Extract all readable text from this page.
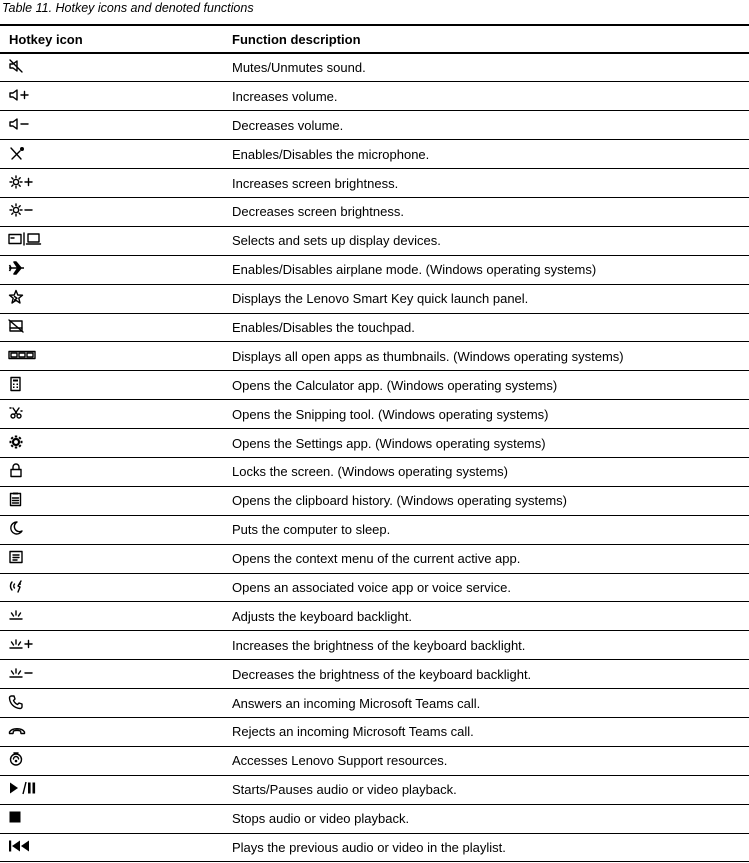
Table 11. Hotkey icons and denoted functions
Hotkey icon	Function description

	Mutes/Unmutes sound.

	Increases volume.

	Decreases volume.

	Enables/Disables the microphone.

	Increases screen brightness.

	Decreases screen brightness.

	Selects and sets up display devices.

	Enables/Disables airplane mode. (Windows operating systems)

	Displays the Lenovo Smart Key quick launch panel.

	Enables/Disables the touchpad.

	Displays all open apps as thumbnails. (Windows operating systems)

	Opens the Calculator app. (Windows operating systems)

	Opens the Snipping tool. (Windows operating systems)

	Opens the Settings app. (Windows operating systems)

	Locks the screen. (Windows operating systems)

	Opens the clipboard history. (Windows operating systems)

	Puts the computer to sleep.

	Opens the context menu of the current active app.

	Opens an associated voice app or voice service.

	Adjusts the keyboard backlight.

	Increases the brightness of the keyboard backlight.

	Decreases the brightness of the keyboard backlight.

	Answers an incoming Microsoft Teams call.

	Rejects an incoming Microsoft Teams call.

	Accesses Lenovo Support resources.

	Starts/Pauses audio or video playback.

	Stops audio or video playback.

	Plays the previous audio or video in the playlist.
